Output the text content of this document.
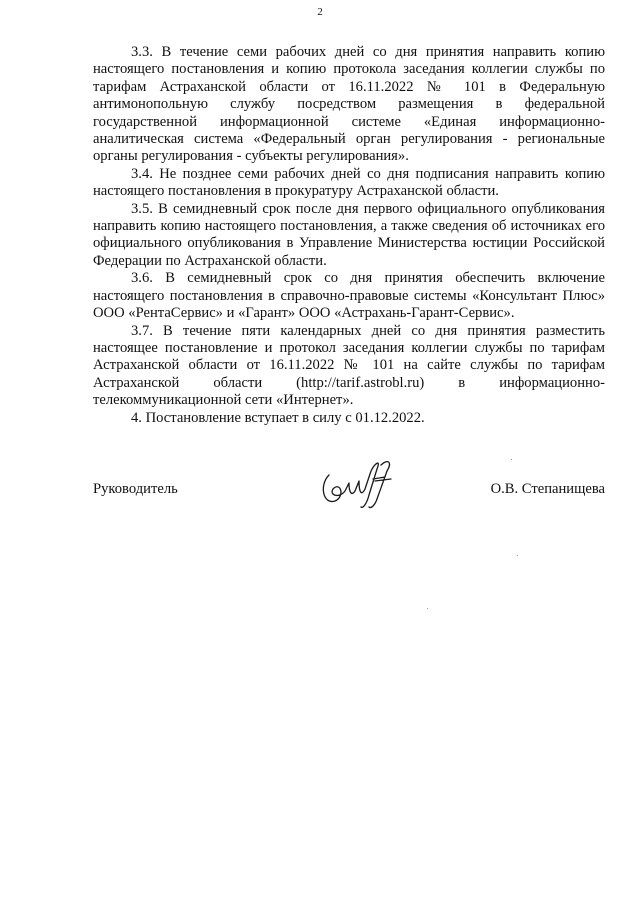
2

3.3. В течение семи рабочих дней со дня принятия направить копию настоящего постановления и копию протокола заседания коллегии службы по тарифам Астраханской области от 16.11.2022 № 101 в Федеральную антимонопольную службу посредством размещения в федеральной государственной информационной системе «Единая информационно-аналитическая система «Федеральный орган регулирования - региональные органы регулирования - субъекты регулирования».

3.4. Не позднее семи рабочих дней со дня подписания направить копию настоящего постановления в прокуратуру Астраханской области.

3.5. В семидневный срок после дня первого официального опубликования направить копию настоящего постановления, а также сведения об источниках его официального опубликования в Управление Министерства юстиции Российской Федерации по Астраханской области.

3.6. В семидневный срок со дня принятия обеспечить включение настоящего постановления в справочно-правовые системы «Консультант Плюс» ООО «РентаСервис» и «Гарант» ООО «Астрахань-Гарант-Сервис».

3.7. В течение пяти календарных дней со дня принятия разместить настоящее постановление и протокол заседания коллегии службы по тарифам Астраханской области от 16.11.2022 № 101 на сайте службы по тарифам Астраханской области (http://tarif.astrobl.ru) в информационно-телекоммуникационной сети «Интернет».

4. Постановление вступает в силу с 01.12.2022.

Руководитель	О.В. Степанищева
